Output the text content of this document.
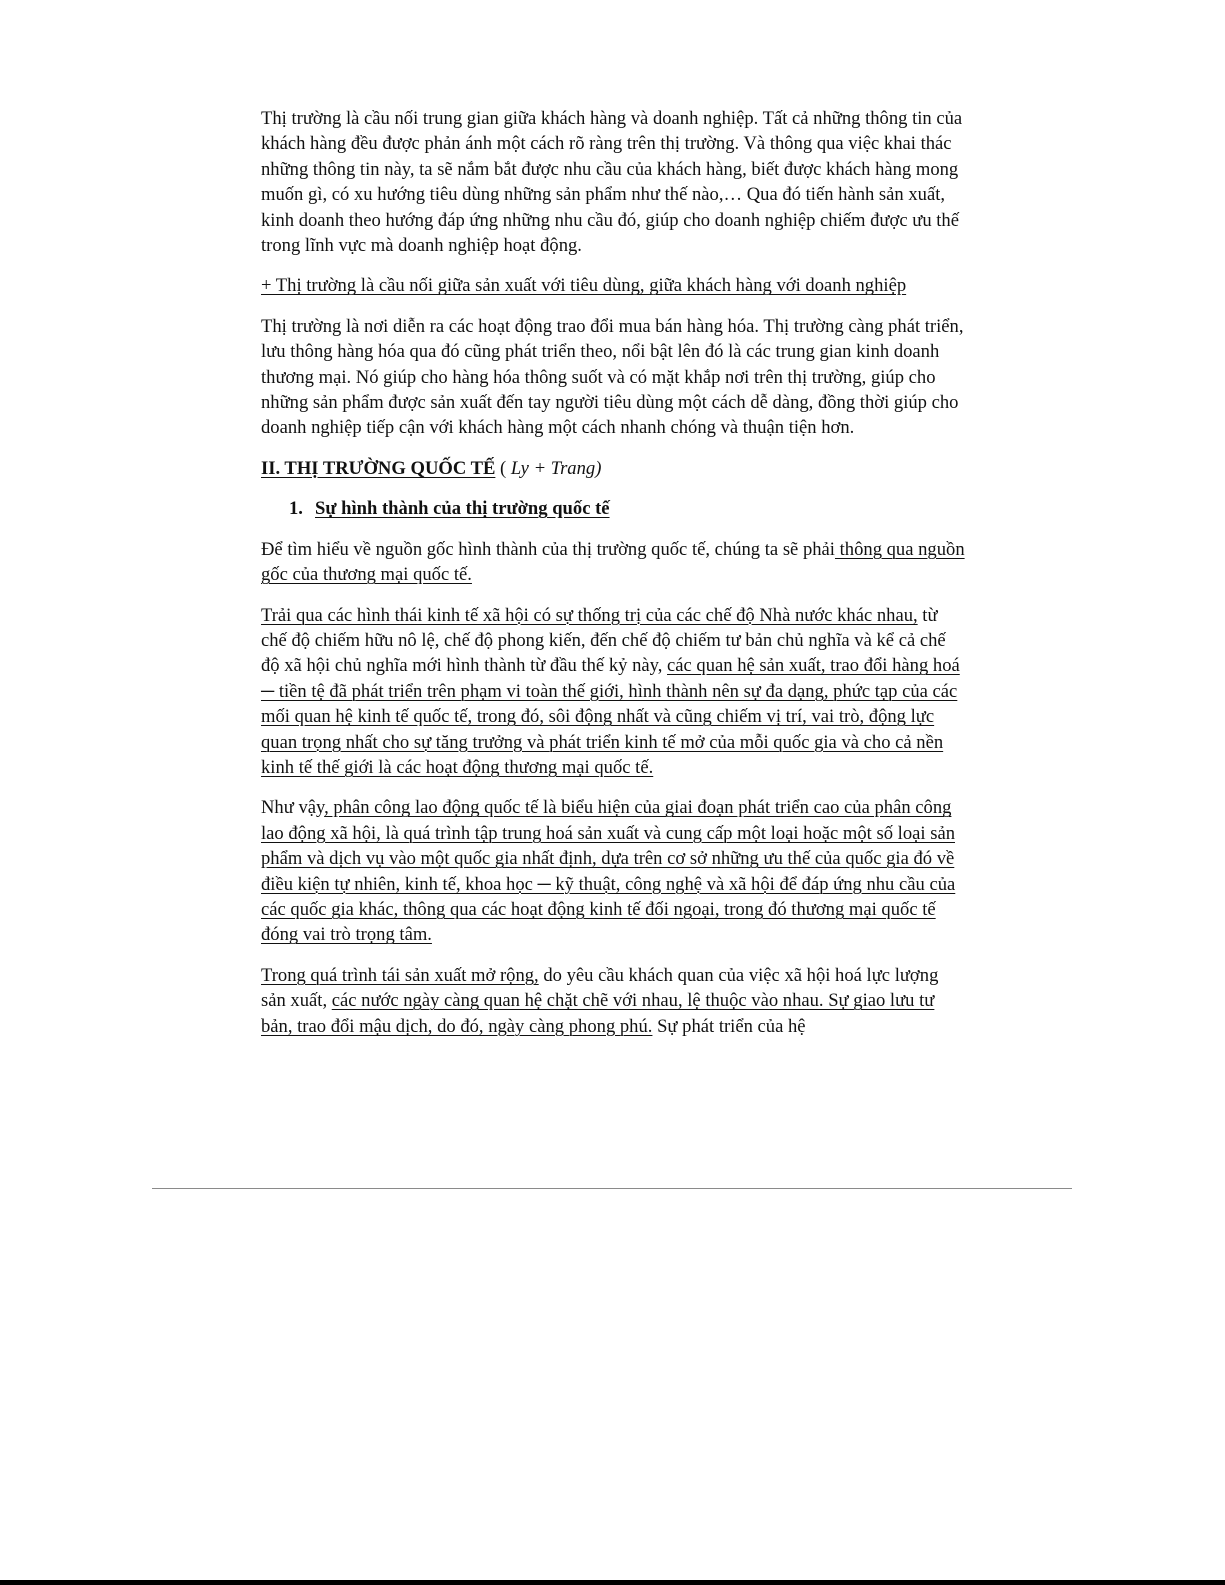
Thị trường là cầu nối trung gian giữa khách hàng và doanh nghiệp. Tất cả những thông tin của khách hàng đều được phản ánh một cách rõ ràng trên thị trường. Và thông qua việc khai thác những thông tin này, ta sẽ nắm bắt được nhu cầu của khách hàng, biết được khách hàng mong muốn gì, có xu hướng tiêu dùng những sản phẩm như thế nào,… Qua đó tiến hành sản xuất, kinh doanh theo hướng đáp ứng những nhu cầu đó, giúp cho doanh nghiệp chiếm được ưu thế trong lĩnh vực mà doanh nghiệp hoạt động.

+ Thị trường là cầu nối giữa sản xuất với tiêu dùng, giữa khách hàng với doanh nghiệp

Thị trường là nơi diễn ra các hoạt động trao đổi mua bán hàng hóa. Thị trường càng phát triển, lưu thông hàng hóa qua đó cũng phát triển theo, nổi bật lên đó là các trung gian kinh doanh thương mại. Nó giúp cho hàng hóa thông suốt và có mặt khắp nơi trên thị trường, giúp cho những sản phẩm được sản xuất đến tay người tiêu dùng một cách dễ dàng, đồng thời giúp cho doanh nghiệp tiếp cận với khách hàng một cách nhanh chóng và thuận tiện hơn.

II. THỊ TRƯỜNG QUỐC TẾ ( Ly + Trang)

1. Sự hình thành của thị trường quốc tế

Để tìm hiểu về nguồn gốc hình thành của thị trường quốc tế, chúng ta sẽ phải thông qua nguồn gốc của thương mại quốc tế.

Trải qua các hình thái kinh tế xã hội có sự thống trị của các chế độ Nhà nước khác nhau, từ chế độ chiếm hữu nô lệ, chế độ phong kiến, đến chế độ chiếm tư bản chủ nghĩa và kể cả chế độ xã hội chủ nghĩa mới hình thành từ đầu thế kỷ này, các quan hệ sản xuất, trao đổi hàng hoá ─ tiền tệ đã phát triển trên phạm vi toàn thế giới, hình thành nên sự đa dạng, phức tạp của các mối quan hệ kinh tế quốc tế, trong đó, sôi động nhất và cũng chiếm vị trí, vai trò, động lực quan trọng nhất cho sự tăng trưởng và phát triển kinh tế mở của mỗi quốc gia và cho cả nền kinh tế thế giới là các hoạt động thương mại quốc tế.

Như vậy, phân công lao động quốc tế là biểu hiện của giai đoạn phát triển cao của phân công lao động xã hội, là quá trình tập trung hoá sản xuất và cung cấp một loại hoặc một số loại sản phẩm và dịch vụ vào một quốc gia nhất định, dựa trên cơ sở những ưu thế của quốc gia đó về điều kiện tự nhiên, kinh tế, khoa học ─ kỹ thuật, công nghệ và xã hội để đáp ứng nhu cầu của các quốc gia khác, thông qua các hoạt động kinh tế đối ngoại, trong đó thương mại quốc tế đóng vai trò trọng tâm.

Trong quá trình tái sản xuất mở rộng, do yêu cầu khách quan của việc xã hội hoá lực lượng sản xuất, các nước ngày càng quan hệ chặt chẽ với nhau, lệ thuộc vào nhau. Sự giao lưu tư bản, trao đổi mậu dịch, do đó, ngày càng phong phú. Sự phát triển của hệ
